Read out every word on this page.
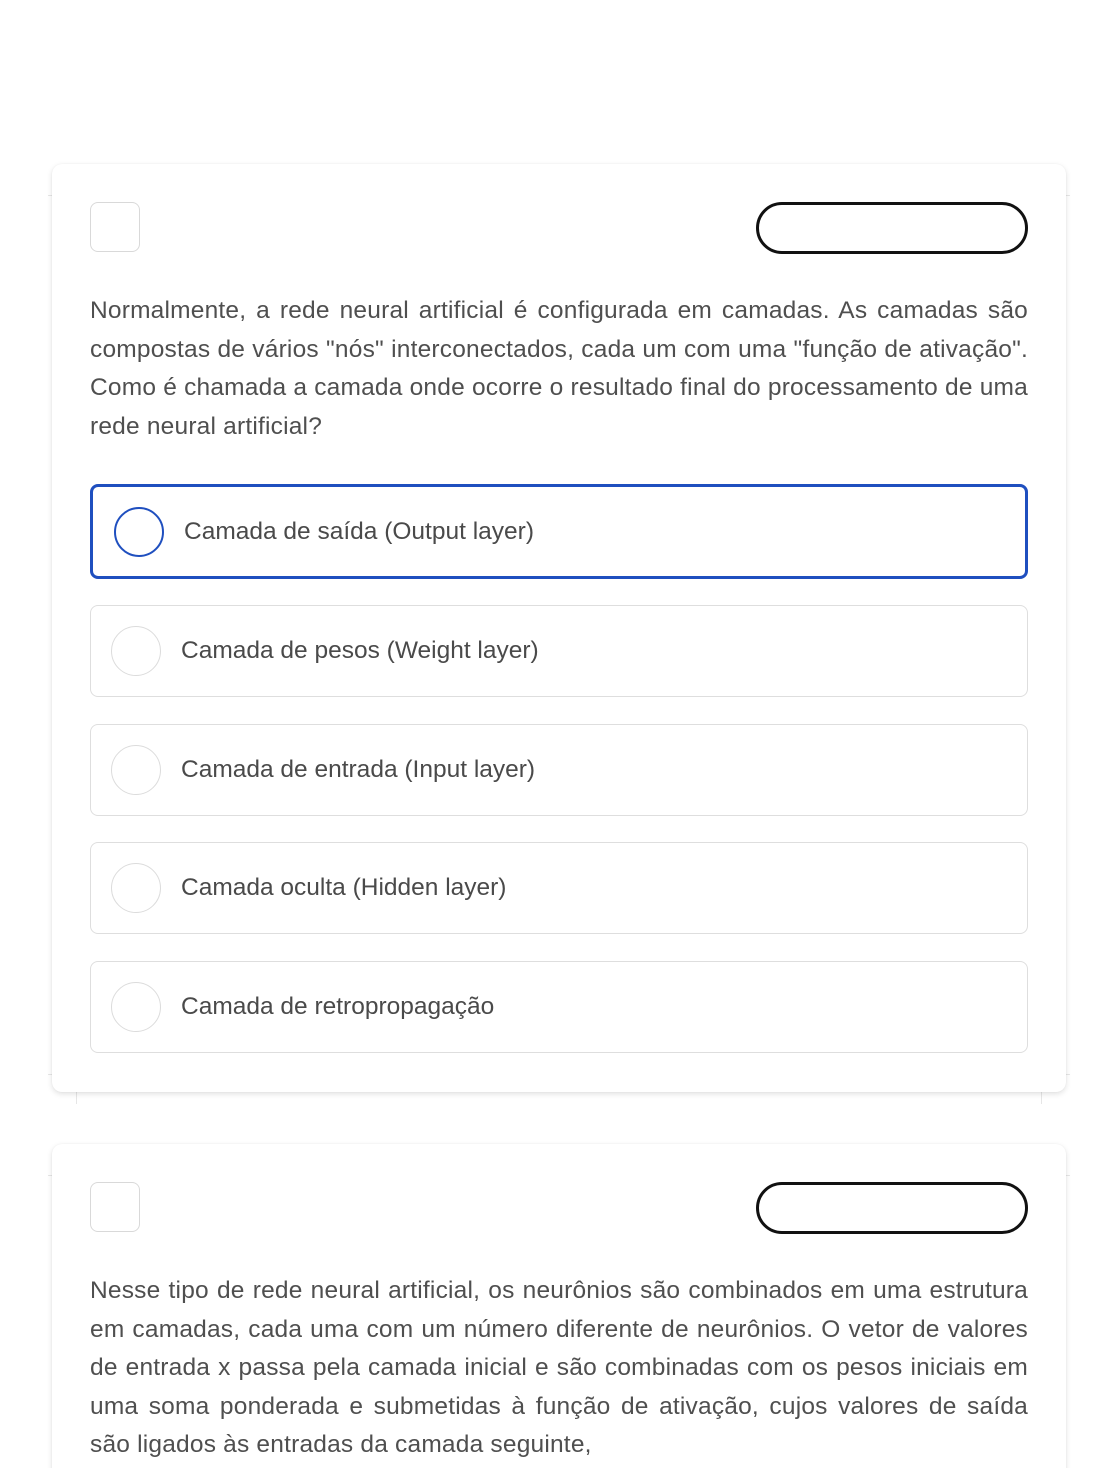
Normalmente, a rede neural artificial é configurada em camadas. As camadas são compostas de vários "nós" interconectados, cada um com uma "função de ativação". Como é chamada a camada onde ocorre o resultado final do processamento de uma rede neural artificial?

Camada de saída (Output layer)
Camada de pesos (Weight layer)
Camada de entrada (Input layer)
Camada oculta (Hidden layer)
Camada de retropropagação

Nesse tipo de rede neural artificial, os neurônios são combinados em uma estrutura em camadas, cada uma com um número diferente de neurônios. O vetor de valores de entrada x passa pela camada inicial e são combinadas com os pesos iniciais em uma soma ponderada e submetidas à função de ativação, cujos valores de saída são ligados às entradas da camada seguinte,
